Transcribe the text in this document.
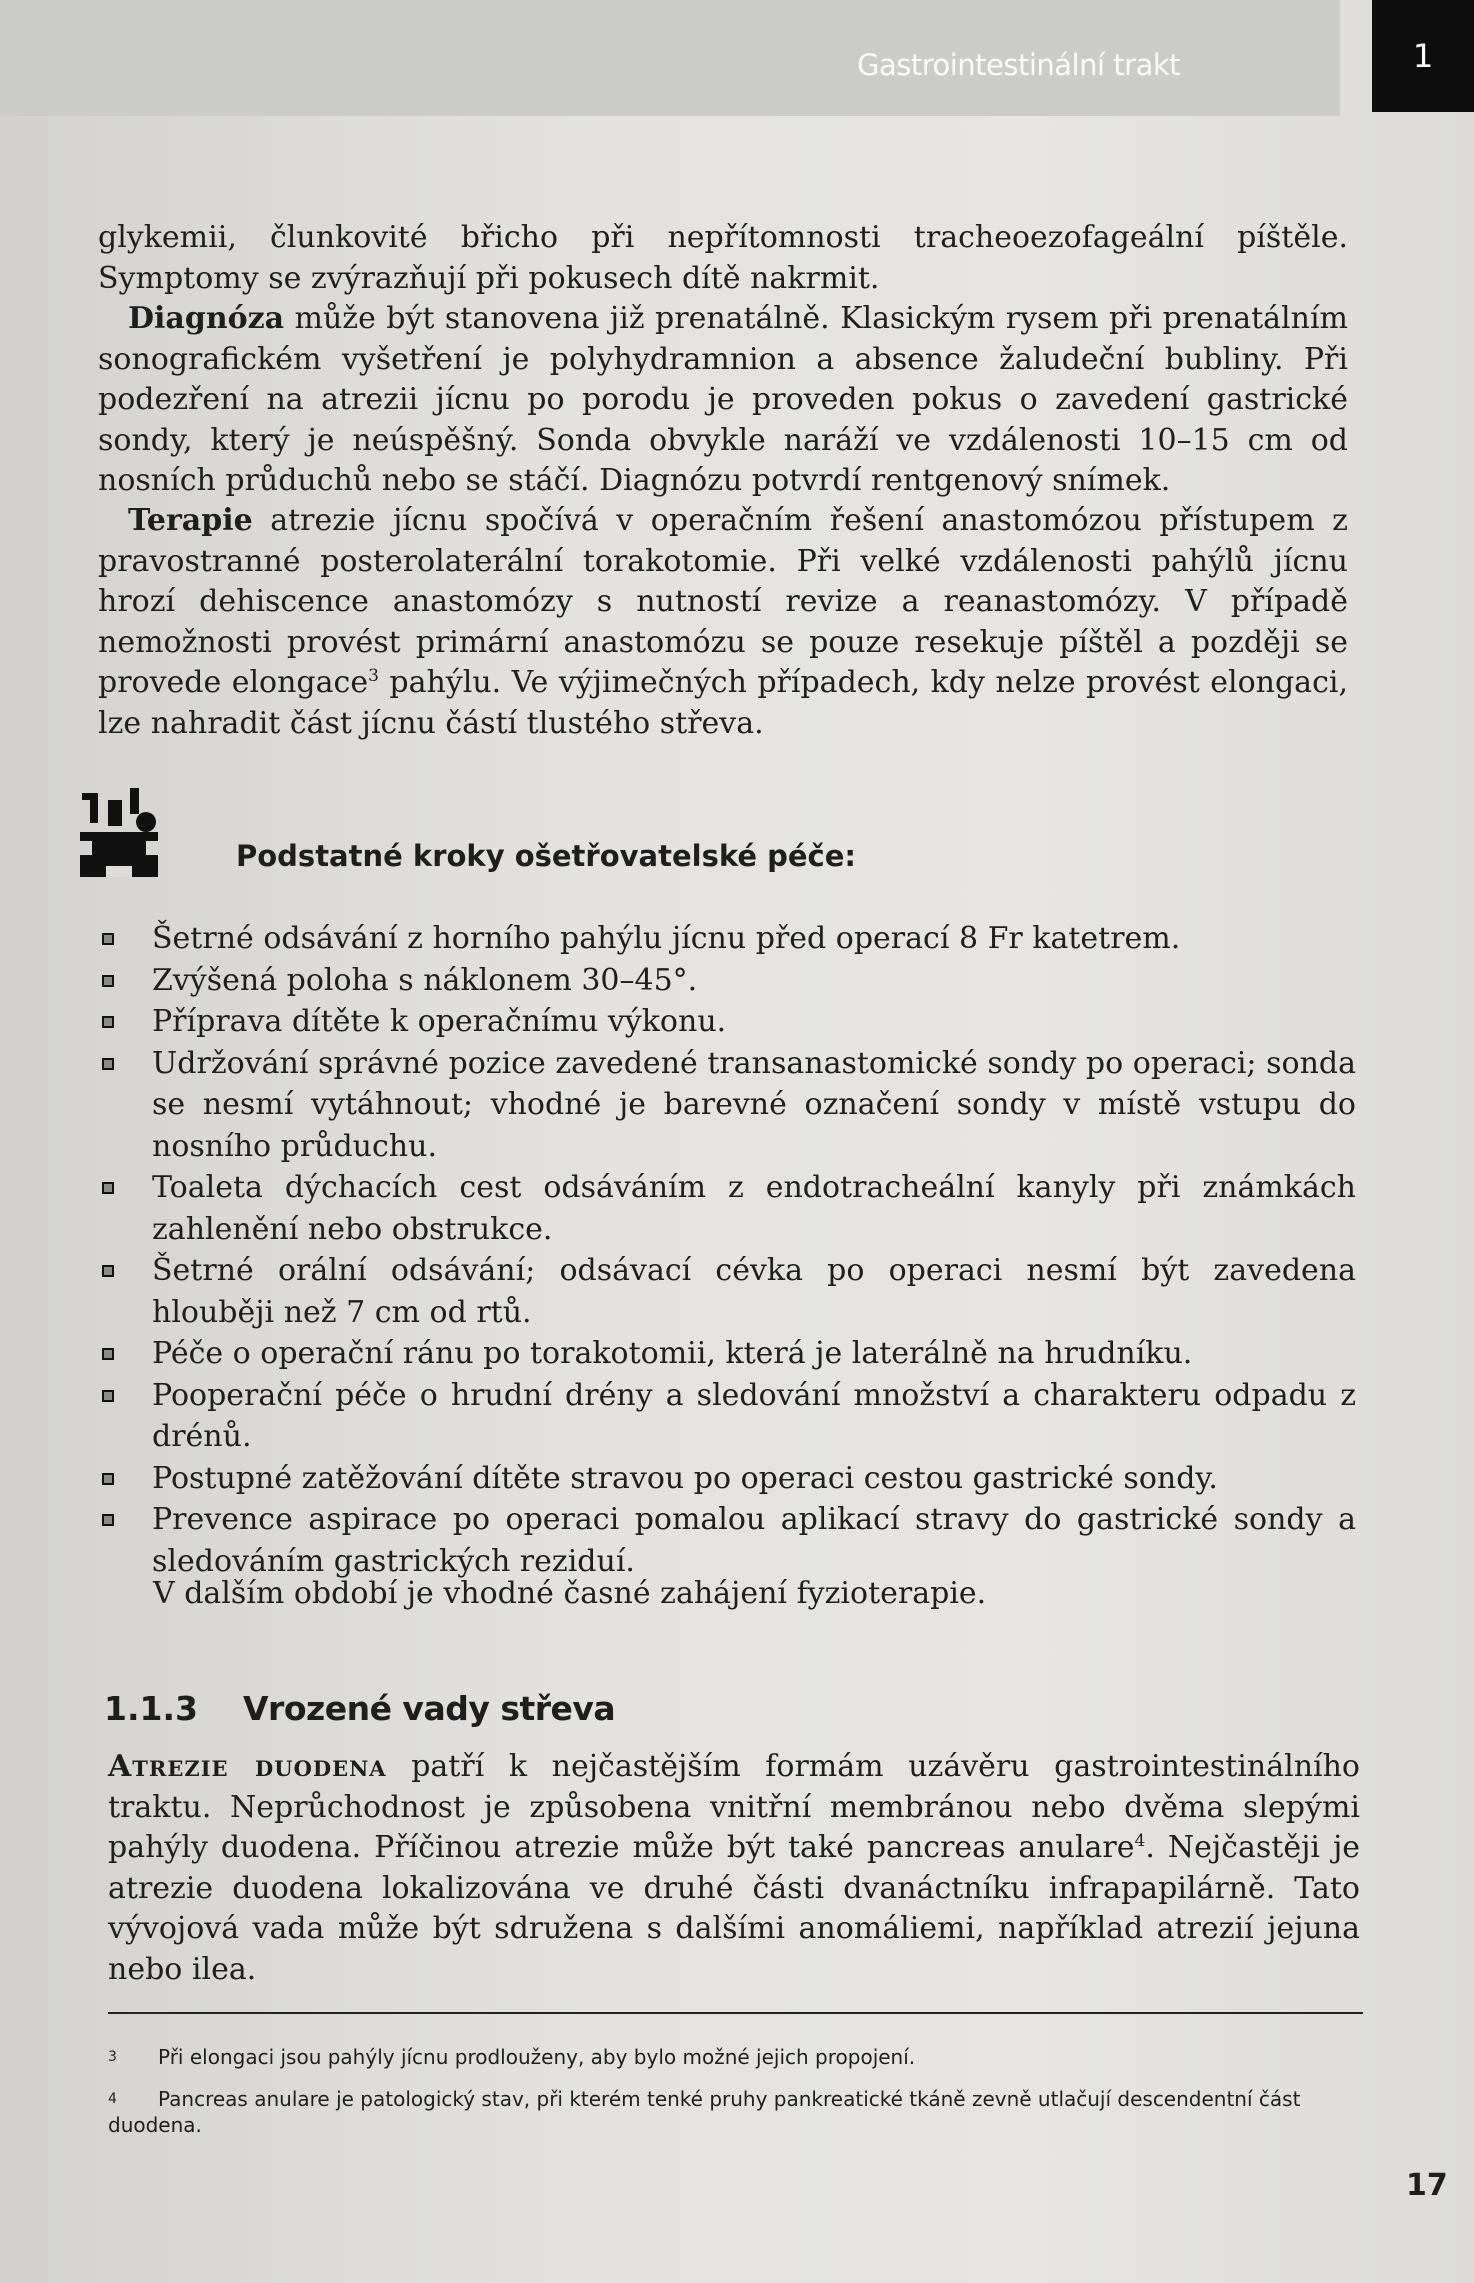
Gastrointestinální trakt	1

glykemii, člunkovité břicho při nepřítomnosti tracheoezofageální píštěle. Symptomy se zvýrazňují při pokusech dítě nakrmit.

 Diagnóza může být stanovena již prenatálně. Klasickým rysem při prenatálním sonografickém vyšetření je polyhydramnion a absence žaludeční bubliny. Při podezření na atrezii jícnu po porodu je proveden pokus o zavedení gastrické sondy, který je neúspěšný. Sonda obvykle naráží ve vzdálenosti 10–15 cm od nosních průduchů nebo se stáčí. Diagnózu potvrdí rentgenový snímek.

 Terapie atrezie jícnu spočívá v operačním řešení anastomózou přístupem z pravostranné posterolaterální torakotomie. Při velké vzdálenosti pahýlů jícnu hrozí dehiscence anastomózy s nutností revize a reanastomózy. V případě nemožnosti provést primární anastomózu se pouze resekuje píštěl a později se provede elongace$^3$ pahýlu. Ve výjimečných případech, kdy nelze provést elongaci, lze nahradit část jícnu částí tlustého střeva.

Podstatné kroky ošetřovatelské péče:
Šetrné odsávání z horního pahýlu jícnu před operací 8 Fr katetrem.
Zvýšená poloha s náklonem 30–45°.
Příprava dítěte k operačnímu výkonu.
Udržování správné pozice zavedené transanastomické sondy po operaci; sonda se nesmí vytáhnout; vhodné je barevné označení sondy v místě vstupu do nosního průduchu.
Toaleta dýchacích cest odsáváním z endotracheální kanyly při známkách zahlenění nebo obstrukce.
Šetrné orální odsávání; odsávací cévka po operaci nesmí být zavedena hlouběji než 7 cm od rtů.
Péče o operační ránu po torakotomii, která je laterálně na hrudníku.
Pooperační péče o hrudní drény a sledování množství a charakteru odpadu z drénů.
Postupné zatěžování dítěte stravou po operaci cestou gastrické sondy.
Prevence aspirace po operaci pomalou aplikací stravy do gastrické sondy a sledováním gastrických reziduí.

V dalším období je vhodné časné zahájení fyzioterapie.

1.1.3 Vrozené vady střeva

Atrezie duodena patří k nejčastějším formám uzávěru gastrointestinálního traktu. Neprůchodnost je způsobena vnitřní membránou nebo dvěma slepými pahýly duodena. Příčinou atrezie může být také pancreas anulare$^4$. Nejčastěji je atrezie duodena lokalizována ve druhé části dvanáctníku infrapapilárně. Tato vývojová vada může být sdružena s dalšími anomáliemi, například atrezií jejuna nebo ilea.

3 Při elongaci jsou pahýly jícnu prodlouženy, aby bylo možné jejich propojení.

4 Pancreas anulare je patologický stav, při kterém tenké pruhy pankreatické tkáně zevně utlačují descendentní část duodena.

17
